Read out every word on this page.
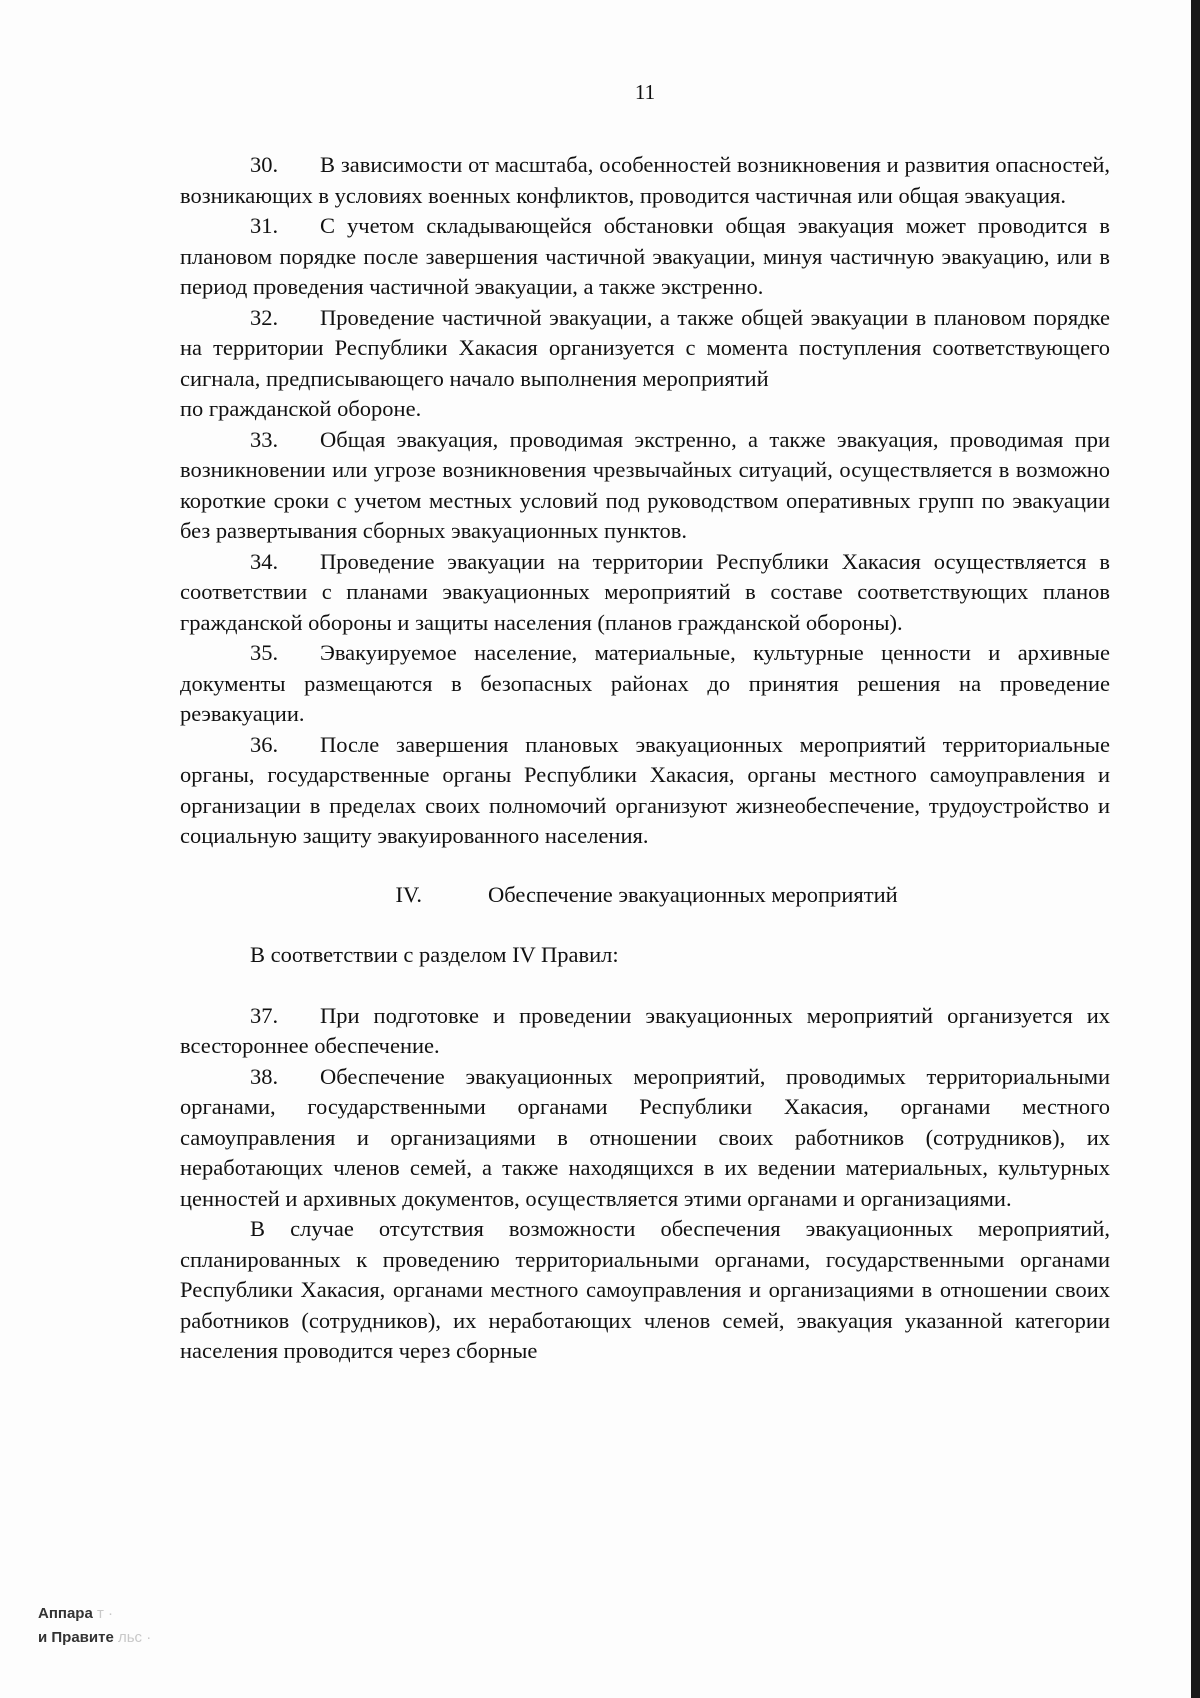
11

30. В зависимости от масштаба, особенностей возникновения и развития опасностей, возникающих в условиях военных конфликтов, проводится частичная или общая эвакуация.

31. С учетом складывающейся обстановки общая эвакуация может проводится в плановом порядке после завершения частичной эвакуации, минуя частичную эвакуацию, или в период проведения частичной эвакуации, а также экстренно.

32. Проведение частичной эвакуации, а также общей эвакуации в плановом порядке на территории Республики Хакасия организуется с момента поступления соответствующего сигнала, предписывающего начало выполнения мероприятий

по гражданской обороне.

33. Общая эвакуация, проводимая экстренно, а также эвакуация, проводимая при возникновении или угрозе возникновения чрезвычайных ситуаций, осуществляется в возможно короткие сроки с учетом местных условий под руководством оперативных групп по эвакуации без развертывания сборных эвакуационных пунктов.

34. Проведение эвакуации на территории Республики Хакасия осуществляется в соответствии с планами эвакуационных мероприятий в составе соответствующих планов гражданской обороны и защиты населения (планов гражданской обороны).

35. Эвакуируемое население, материальные, культурные ценности и архивные документы размещаются в безопасных районах до принятия решения на проведение реэвакуации.

36. После завершения плановых эвакуационных мероприятий территориальные органы, государственные органы Республики Хакасия, органы местного самоуправления и организации в пределах своих полномочий организуют жизнеобеспечение, трудоустройство и социальную защиту эвакуированного населения.

IV.	Обеспечение эвакуационных мероприятий

В соответствии с разделом IV Правил:

37. При подготовке и проведении эвакуационных мероприятий организуется их всестороннее обеспечение.

38. Обеспечение эвакуационных мероприятий, проводимых территориальными органами, государственными органами Республики Хакасия, органами местного самоуправления и организациями в отношении своих работников (сотрудников), их неработающих членов семей, а также находящихся в их ведении материальных, культурных ценностей и архивных документов, осуществляется этими органами и организациями.

В случае отсутствия возможности обеспечения эвакуационных мероприятий, спланированных к проведению территориальными органами, государственными органами Республики Хакасия, органами местного самоуправления и организациями в отношении своих работников (сотрудников), их неработающих членов семей, эвакуация указанной категории населения проводится через сборные

Аппара т ·
и Правите льс ·
